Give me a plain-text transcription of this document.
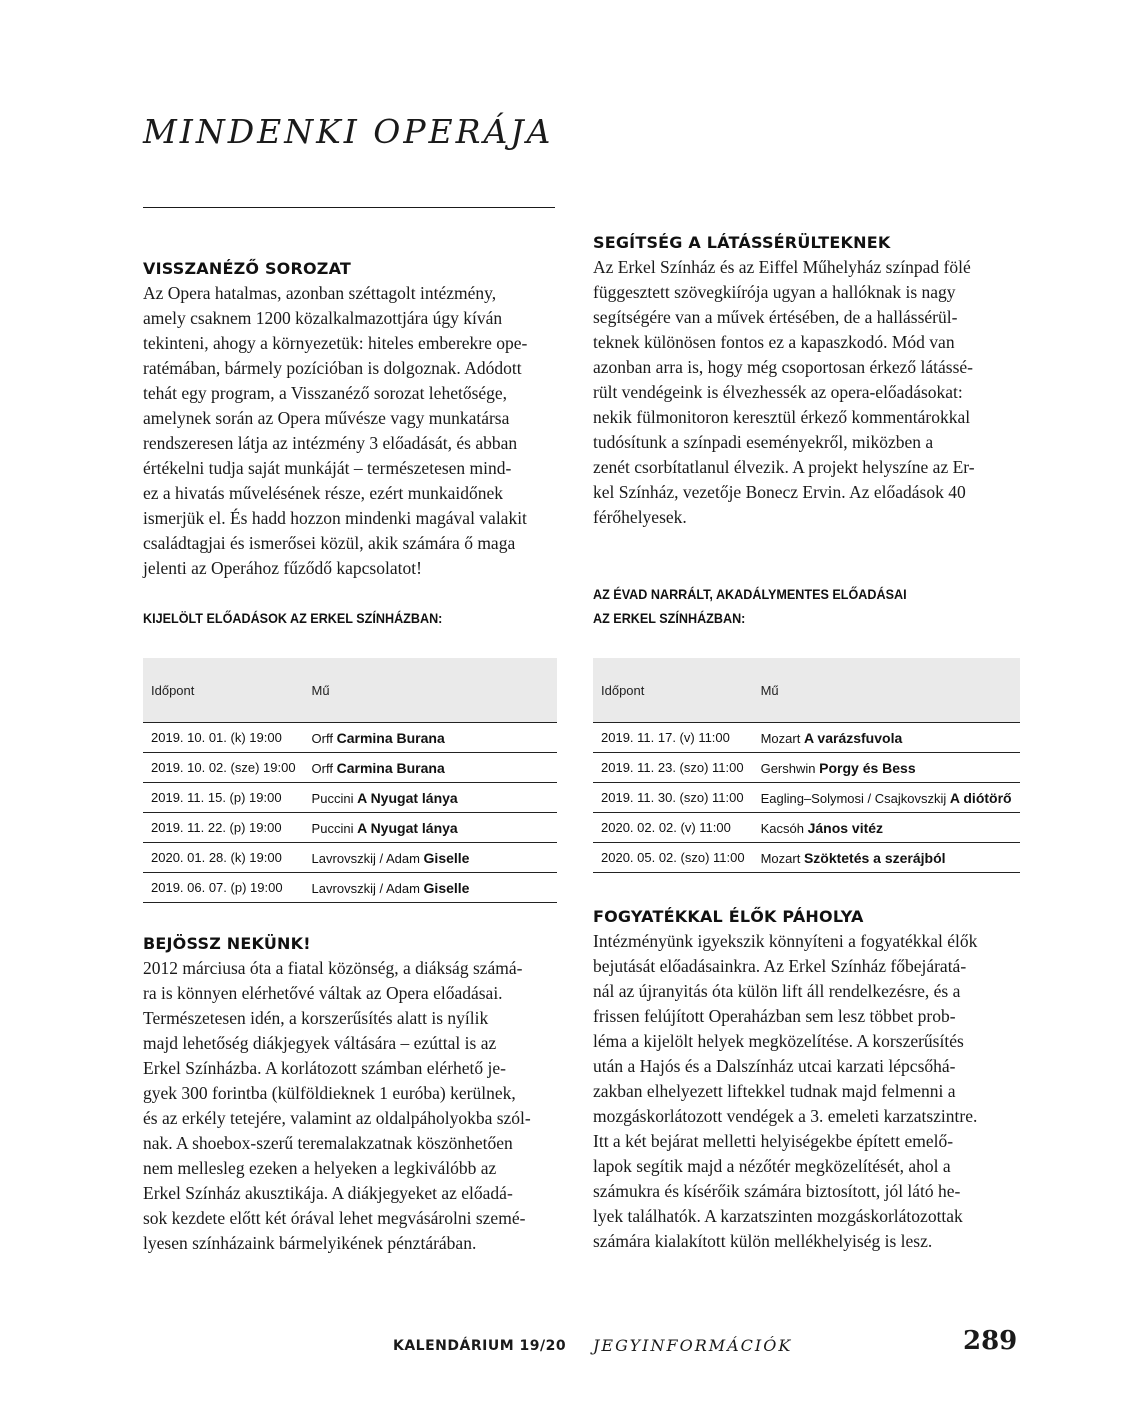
MINDENKI OPERÁJA
VISSZANÉZŐ SOROZAT
Az Opera hatalmas, azonban széttagolt intézmény,
amely csaknem 1200 közalkalmazottjára úgy kíván
tekinteni, ahogy a környezetük: hiteles emberekre ope-
ratémában, bármely pozícióban is dolgoznak. Adódott
tehát egy program, a Visszanéző sorozat lehetősége,
amelynek során az Opera művésze vagy munkatársa
rendszeresen látja az intézmény 3 előadását, és abban
értékelni tudja saját munkáját – természetesen mind-
ez a hivatás művelésének része, ezért munkaidőnek
ismerjük el. És hadd hozzon mindenki magával valakit
családtagjai és ismerősei közül, akik számára ő maga
jelenti az Operához fűződő kapcsolatot!

KIJELÖLT ELŐADÁSOK AZ ERKEL SZÍNHÁZBAN:

Időpont	Mű
2019. 10. 01. (k) 19:00	Orff Carmina Burana
2019. 10. 02. (sze) 19:00	Orff Carmina Burana
2019. 11. 15. (p) 19:00	Puccini A Nyugat lánya
2019. 11. 22. (p) 19:00	Puccini A Nyugat lánya
2020. 01. 28. (k) 19:00	Lavrovszkij / Adam Giselle
2019. 06. 07. (p) 19:00	Lavrovszkij / Adam Giselle
BEJÖSSZ NEKÜNK!
2012 márciusa óta a fiatal közönség, a diákság számá-
ra is könnyen elérhetővé váltak az Opera előadásai.
Természetesen idén, a korszerűsítés alatt is nyílik
majd lehetőség diákjegyek váltására – ezúttal is az
Erkel Színházba. A korlátozott számban elérhető je-
gyek 300 forintba (külföldieknek 1 euróba) kerülnek,
és az erkély tetejére, valamint az oldalpáholyokba szól-
nak. A shoebox-szerű teremalakzatnak köszönhetően
nem mellesleg ezeken a helyeken a legkiválóbb az
Erkel Színház akusztikája. A diákjegyeket az előadá-
sok kezdete előtt két órával lehet megvásárolni szemé-
lyesen színházaink bármelyikének pénztárában.
SEGÍTSÉG A LÁTÁSSÉRÜLTEKNEK
Az Erkel Színház és az Eiffel Műhelyház színpad fölé
függesztett szövegkiírója ugyan a hallóknak is nagy
segítségére van a művek értésében, de a hallássérül-
teknek különösen fontos ez a kapaszkodó. Mód van
azonban arra is, hogy még csoportosan érkező látássé-
rült vendégeink is élvezhessék az opera-előadásokat:
nekik fülmonitoron keresztül érkező kommentárokkal
tudósítunk a színpadi eseményekről, miközben a
zenét csorbítatlanul élvezik. A projekt helyszíne az Er-
kel Színház, vezetője Bonecz Ervin. Az előadások 40
férőhelyesek.

AZ ÉVAD NARRÁLT, AKADÁLYMENTES ELŐADÁSAI

AZ ERKEL SZÍNHÁZBAN:

Időpont	Mű
2019. 11. 17. (v) 11:00	Mozart A varázsfuvola
2019. 11. 23. (szo) 11:00	Gershwin Porgy és Bess
2019. 11. 30. (szo) 11:00	Eagling–Solymosi / Csajkovszkij A diótörő
2020. 02. 02. (v) 11:00	Kacsóh János vitéz
2020. 05. 02. (szo) 11:00	Mozart Szöktetés a szerájból
FOGYATÉKKAL ÉLŐK PÁHOLYA
Intézményünk igyekszik könnyíteni a fogyatékkal élők
bejutását előadásainkra. Az Erkel Színház főbejáratá-
nál az újranyitás óta külön lift áll rendelkezésre, és a
frissen felújított Operaházban sem lesz többet prob-
léma a kijelölt helyek megközelítése. A korszerűsítés
után a Hajós és a Dalszínház utcai karzati lépcsőhá-
zakban elhelyezett liftekkel tudnak majd felmenni a
mozgáskorlátozott vendégek a 3. emeleti karzatszintre.
Itt a két bejárat melletti helyiségekbe épített emelő-
lapok segítik majd a nézőtér megközelítését, ahol a
számukra és kísérőik számára biztosított, jól látó he-
lyek találhatók. A karzatszinten mozgáskorlátozottak
számára kialakított külön mellékhelyiség is lesz.
KALENDÁRIUM 19/20 JEGYINFORMÁCIÓK	289
